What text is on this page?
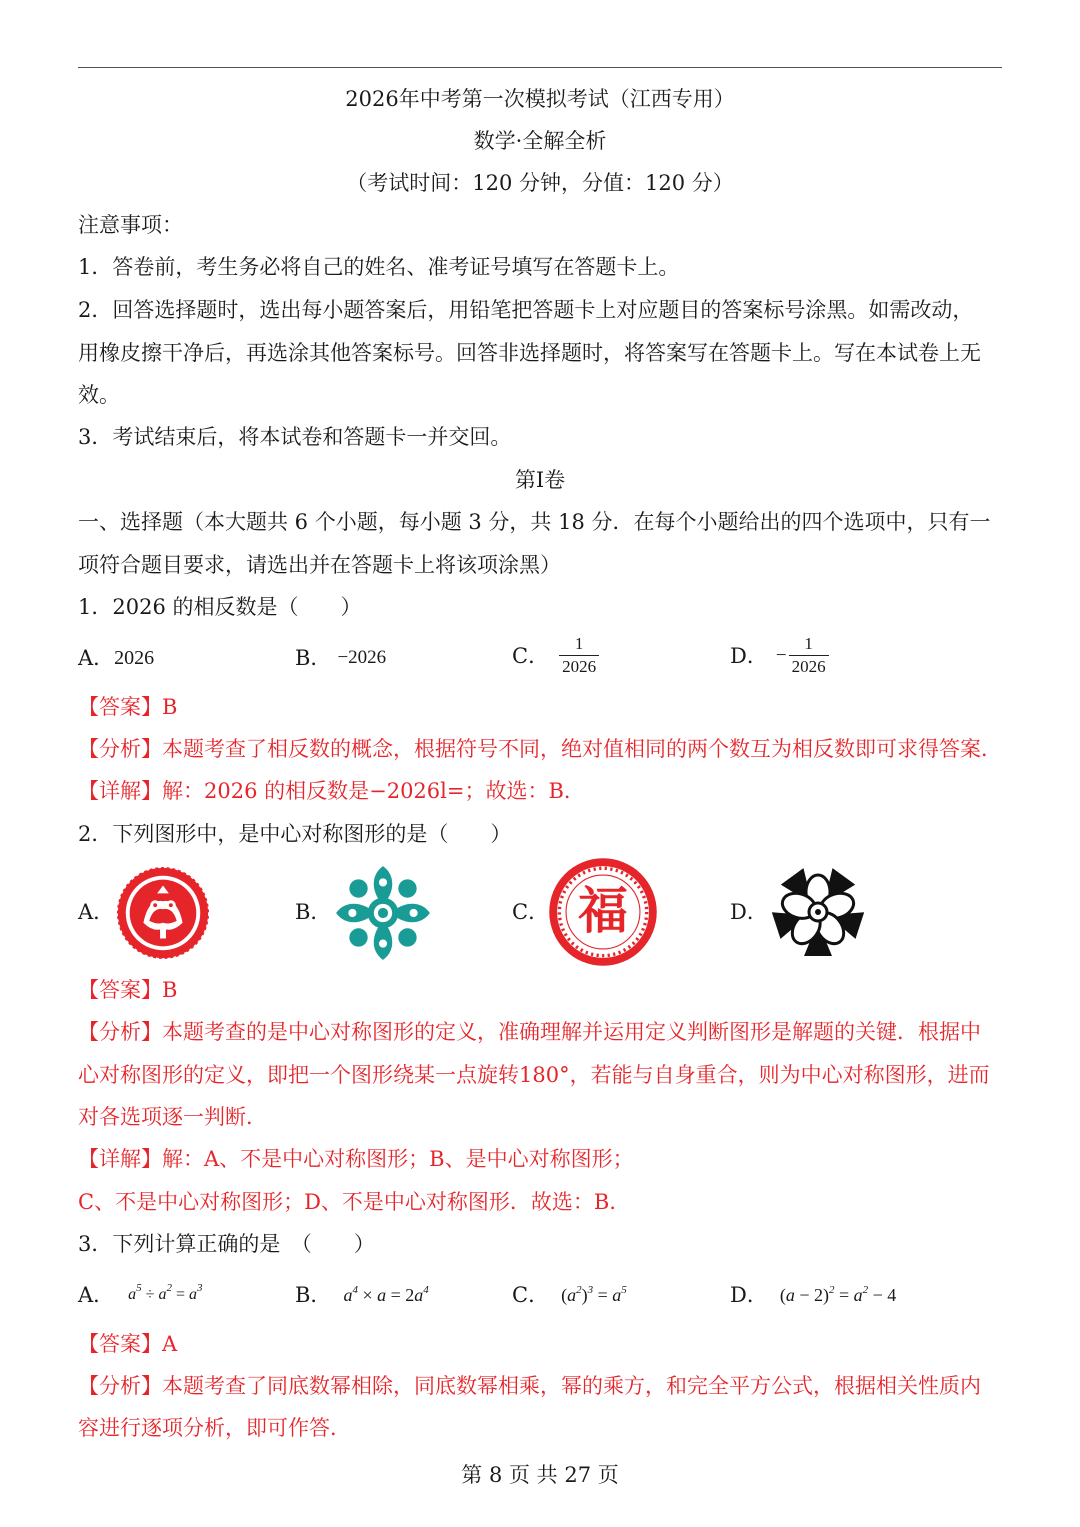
2026年中考第一次模拟考试（江西专用）
数学·全解全析
（考试时间：120 分钟，分值：120 分）
注意事项：
1．答卷前，考生务必将自己的姓名、准考证号填写在答题卡上。
2．回答选择题时，选出每小题答案后，用铅笔把答题卡上对应题目的答案标号涂黑。如需改动，
用橡皮擦干净后，再选涂其他答案标号。回答非选择题时，将答案写在答题卡上。写在本试卷上无
效。
3．考试结束后，将本试卷和答题卡一并交回。
第I卷
一、选择题（本大题共 6 个小题，每小题 3 分，共 18 分．在每个小题给出的四个选项中，只有一
项符合题目要求，请选出并在答题卡上将该项涂黑）
1．2026 的相反数是（　　）
A． 2026	B． −2026	C． $\frac{1}{2026}$	D． − $\frac{1}{2026}$
【答案】B
【分析】本题考查了相反数的概念，根据符号不同，绝对值相同的两个数互为相反数即可求得答案．
【详解】解：2026 的相反数是−2026l=；故选：B．
2．下列图形中，是中心对称图形的是（　　）
A．	B．	C． 福	D．
【答案】B
【分析】本题考查的是中心对称图形的定义，准确理解并运用定义判断图形是解题的关键．根据中
心对称图形的定义，即把一个图形绕某一点旋转180°，若能与自身重合，则为中心对称图形，进而
对各选项逐一判断．
【详解】解：A、不是中心对称图形；B、是中心对称图形；
C、不是中心对称图形；D、不是中心对称图形．故选：B．
3．下列计算正确的是　（　　）
A． $a^5 \div a^2 = a^3$	B． $a^4 \times a = 2a^4$	C． $(a^2)^3 = a^5$	D． $(a - 2)^2 = a^2 - 4$
【答案】A
【分析】本题考查了同底数幂相除，同底数幂相乘，幂的乘方，和完全平方公式，根据相关性质内
容进行逐项分析，即可作答．
第 8 页 共 27 页
